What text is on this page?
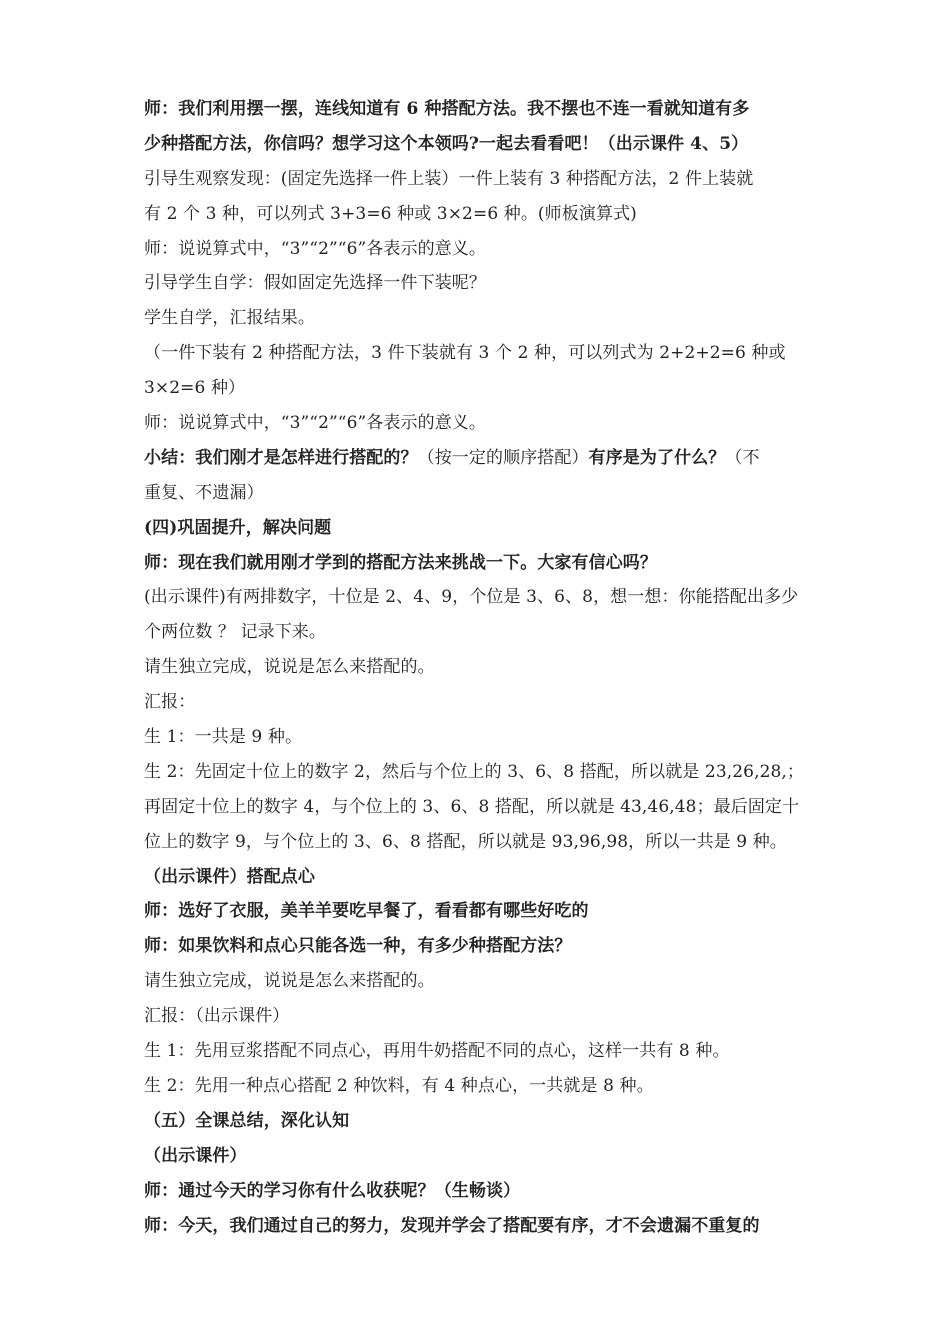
师：我们利用摆一摆，连线知道有 6 种搭配方法。我不摆也不连一看就知道有多
少种搭配方法，你信吗？想学习这个本领吗?一起去看看吧！（出示课件 4、5）
引导生观察发现：(固定先选择一件上装）一件上装有 3 种搭配方法，2 件上装就
有 2 个 3 种，可以列式 3+3=6 种或 3×2=6 种。(师板演算式)
师：说说算式中，“3”“2”“6”各表示的意义。
引导学生自学：假如固定先选择一件下装呢？
学生自学，汇报结果。
（一件下装有 2 种搭配方法，3 件下装就有 3 个 2 种，可以列式为 2+2+2=6 种或
3×2=6 种）
师：说说算式中，“3”“2”“6”各表示的意义。
小结：我们刚才是怎样进行搭配的？（按一定的顺序搭配）有序是为了什么？（不
重复、不遗漏）
(四)巩固提升，解决问题
师：现在我们就用刚才学到的搭配方法来挑战一下。大家有信心吗？
(出示课件)有两排数字，十位是 2、4、9，个位是 3、6、8，想一想：你能搭配出多少
个两位数 ？ 记录下来。
请生独立完成，说说是怎么来搭配的。
汇报：
生 1：一共是 9 种。
生 2：先固定十位上的数字 2，然后与个位上的 3、6、8 搭配，所以就是 23,26,28,；
再固定十位上的数字 4，与个位上的 3、6、8 搭配，所以就是 43,46,48；最后固定十
位上的数字 9，与个位上的 3、6、8 搭配，所以就是 93,96,98，所以一共是 9 种。
（出示课件）搭配点心
师：选好了衣服，美羊羊要吃早餐了，看看都有哪些好吃的
师：如果饮料和点心只能各选一种，有多少种搭配方法？
请生独立完成，说说是怎么来搭配的。
汇报：（出示课件）
生 1：先用豆浆搭配不同点心，再用牛奶搭配不同的点心，这样一共有 8 种。
生 2：先用一种点心搭配 2 种饮料，有 4 种点心，一共就是 8 种。
（五）全课总结，深化认知
（出示课件）
师：通过今天的学习你有什么收获呢？（生畅谈）
师：今天，我们通过自己的努力，发现并学会了搭配要有序，才不会遗漏不重复的
